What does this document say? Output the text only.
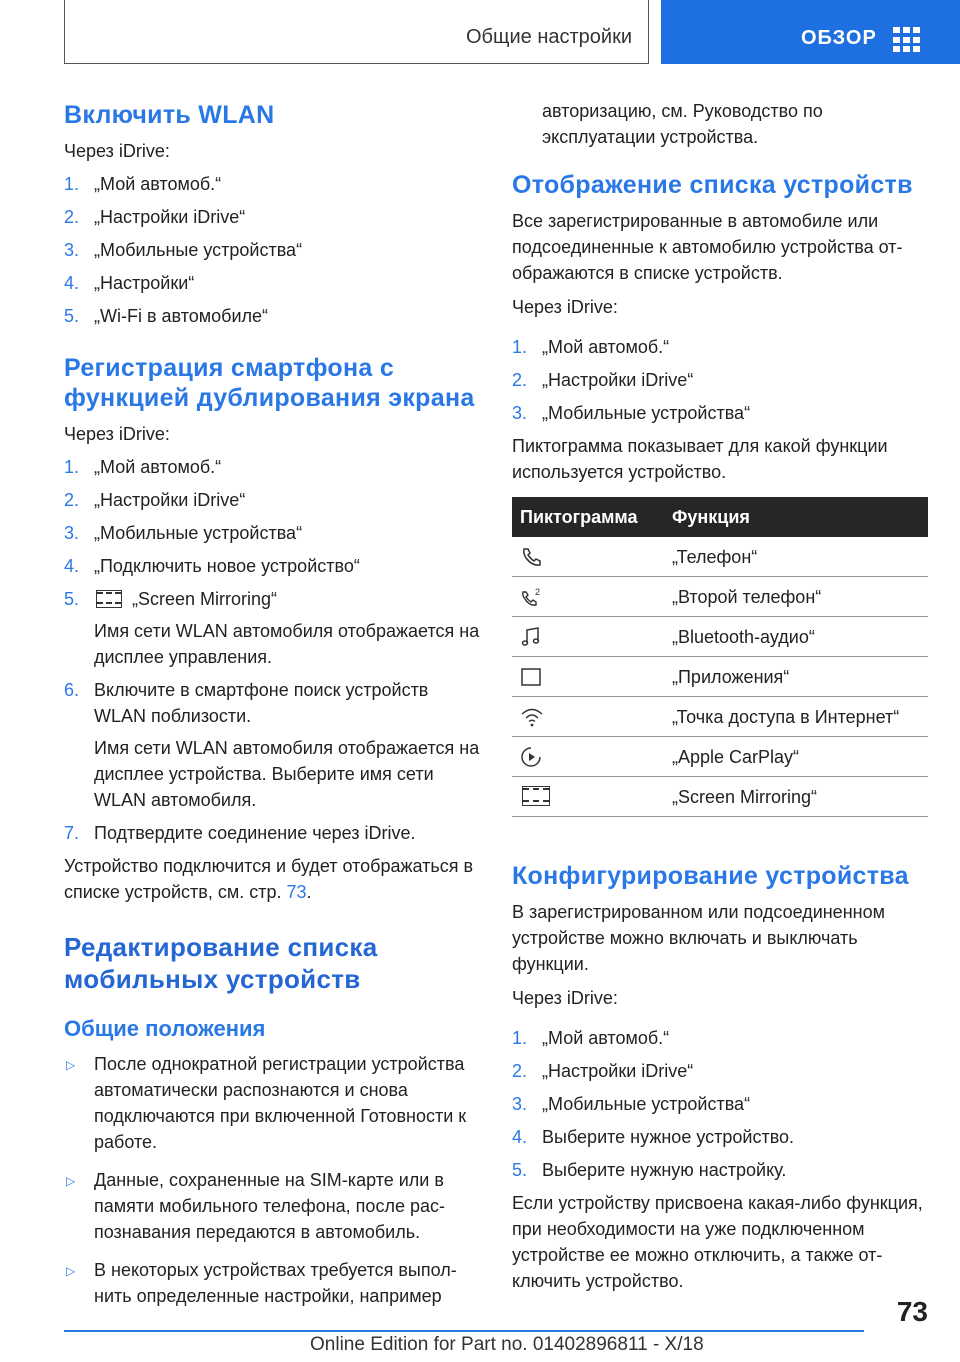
Общие настройки	ОБЗОР
Включить WLAN

Через iDrive:

1. „Мой автомоб.“
2. „Настройки iDrive“
3. „Мобильные устройства“
4. „Настройки“
5. „Wi-Fi в автомобиле“
Регистрация смартфона с
функцией дублирования экрана

Через iDrive:

1. „Мой автомоб.“
2. „Настройки iDrive“
3. „Мобильные устройства“
4. „Подключить новое устройство“
5.	„Screen Mirroring“
Имя сети WLAN автомобиля отображается на дисплее управления.
6. Включите в смартфоне поиск устройств WLAN поблизости.
Имя сети WLAN автомобиля отображается на дисплее устройства. Выберите имя сети WLAN автомобиля.
7. Подтвердите соединение через iDrive.

Устройство подключится и будет отображаться в списке устройств, см. стр. 73.

Редактирование списка
мобильных устройств
Общие положения
▷ После однократной регистрации устройства автоматически распознаются и снова подключаются при включенной Готовности к работе.
▷ Данные, сохраненные на SIM-карте или в памяти мобильного телефона, после распознавания передаются в автомобиль.
▷ В некоторых устройствах требуется выполнить определенные настройки, например

авторизацию, см. Руководство по эксплуатации устройства.

Отображение списка устройств

Все зарегистрированные в автомобиле или подсоединенные к автомобилю устройства отображаются в списке устройств.

Через iDrive:

1. „Мой автомоб.“
2. „Настройки iDrive“
3. „Мобильные устройства“

Пиктограмма показывает для какой функции используется устройство.

Пиктограмма	Функция

	„Телефон“

2	„Второй телефон“

	„Bluetooth-аудио“

	„Приложения“

	„Точка доступа в Интернет“

	„Apple CarPlay“
	„Screen Mirroring“
Конфигурирование устройства

В зарегистрированном или подсоединенном устройстве можно включать и выключать функции.

Через iDrive:

1. „Мой автомоб.“
2. „Настройки iDrive“
3. „Мобильные устройства“
4. Выберите нужное устройство.
5. Выберите нужную настройку.

Если устройству присвоена какая-либо функция, при необходимости на уже подключенном устройстве ее можно отключить, а также отключить устройство.

73
Online Edition for Part no. 01402896811 - X/18
